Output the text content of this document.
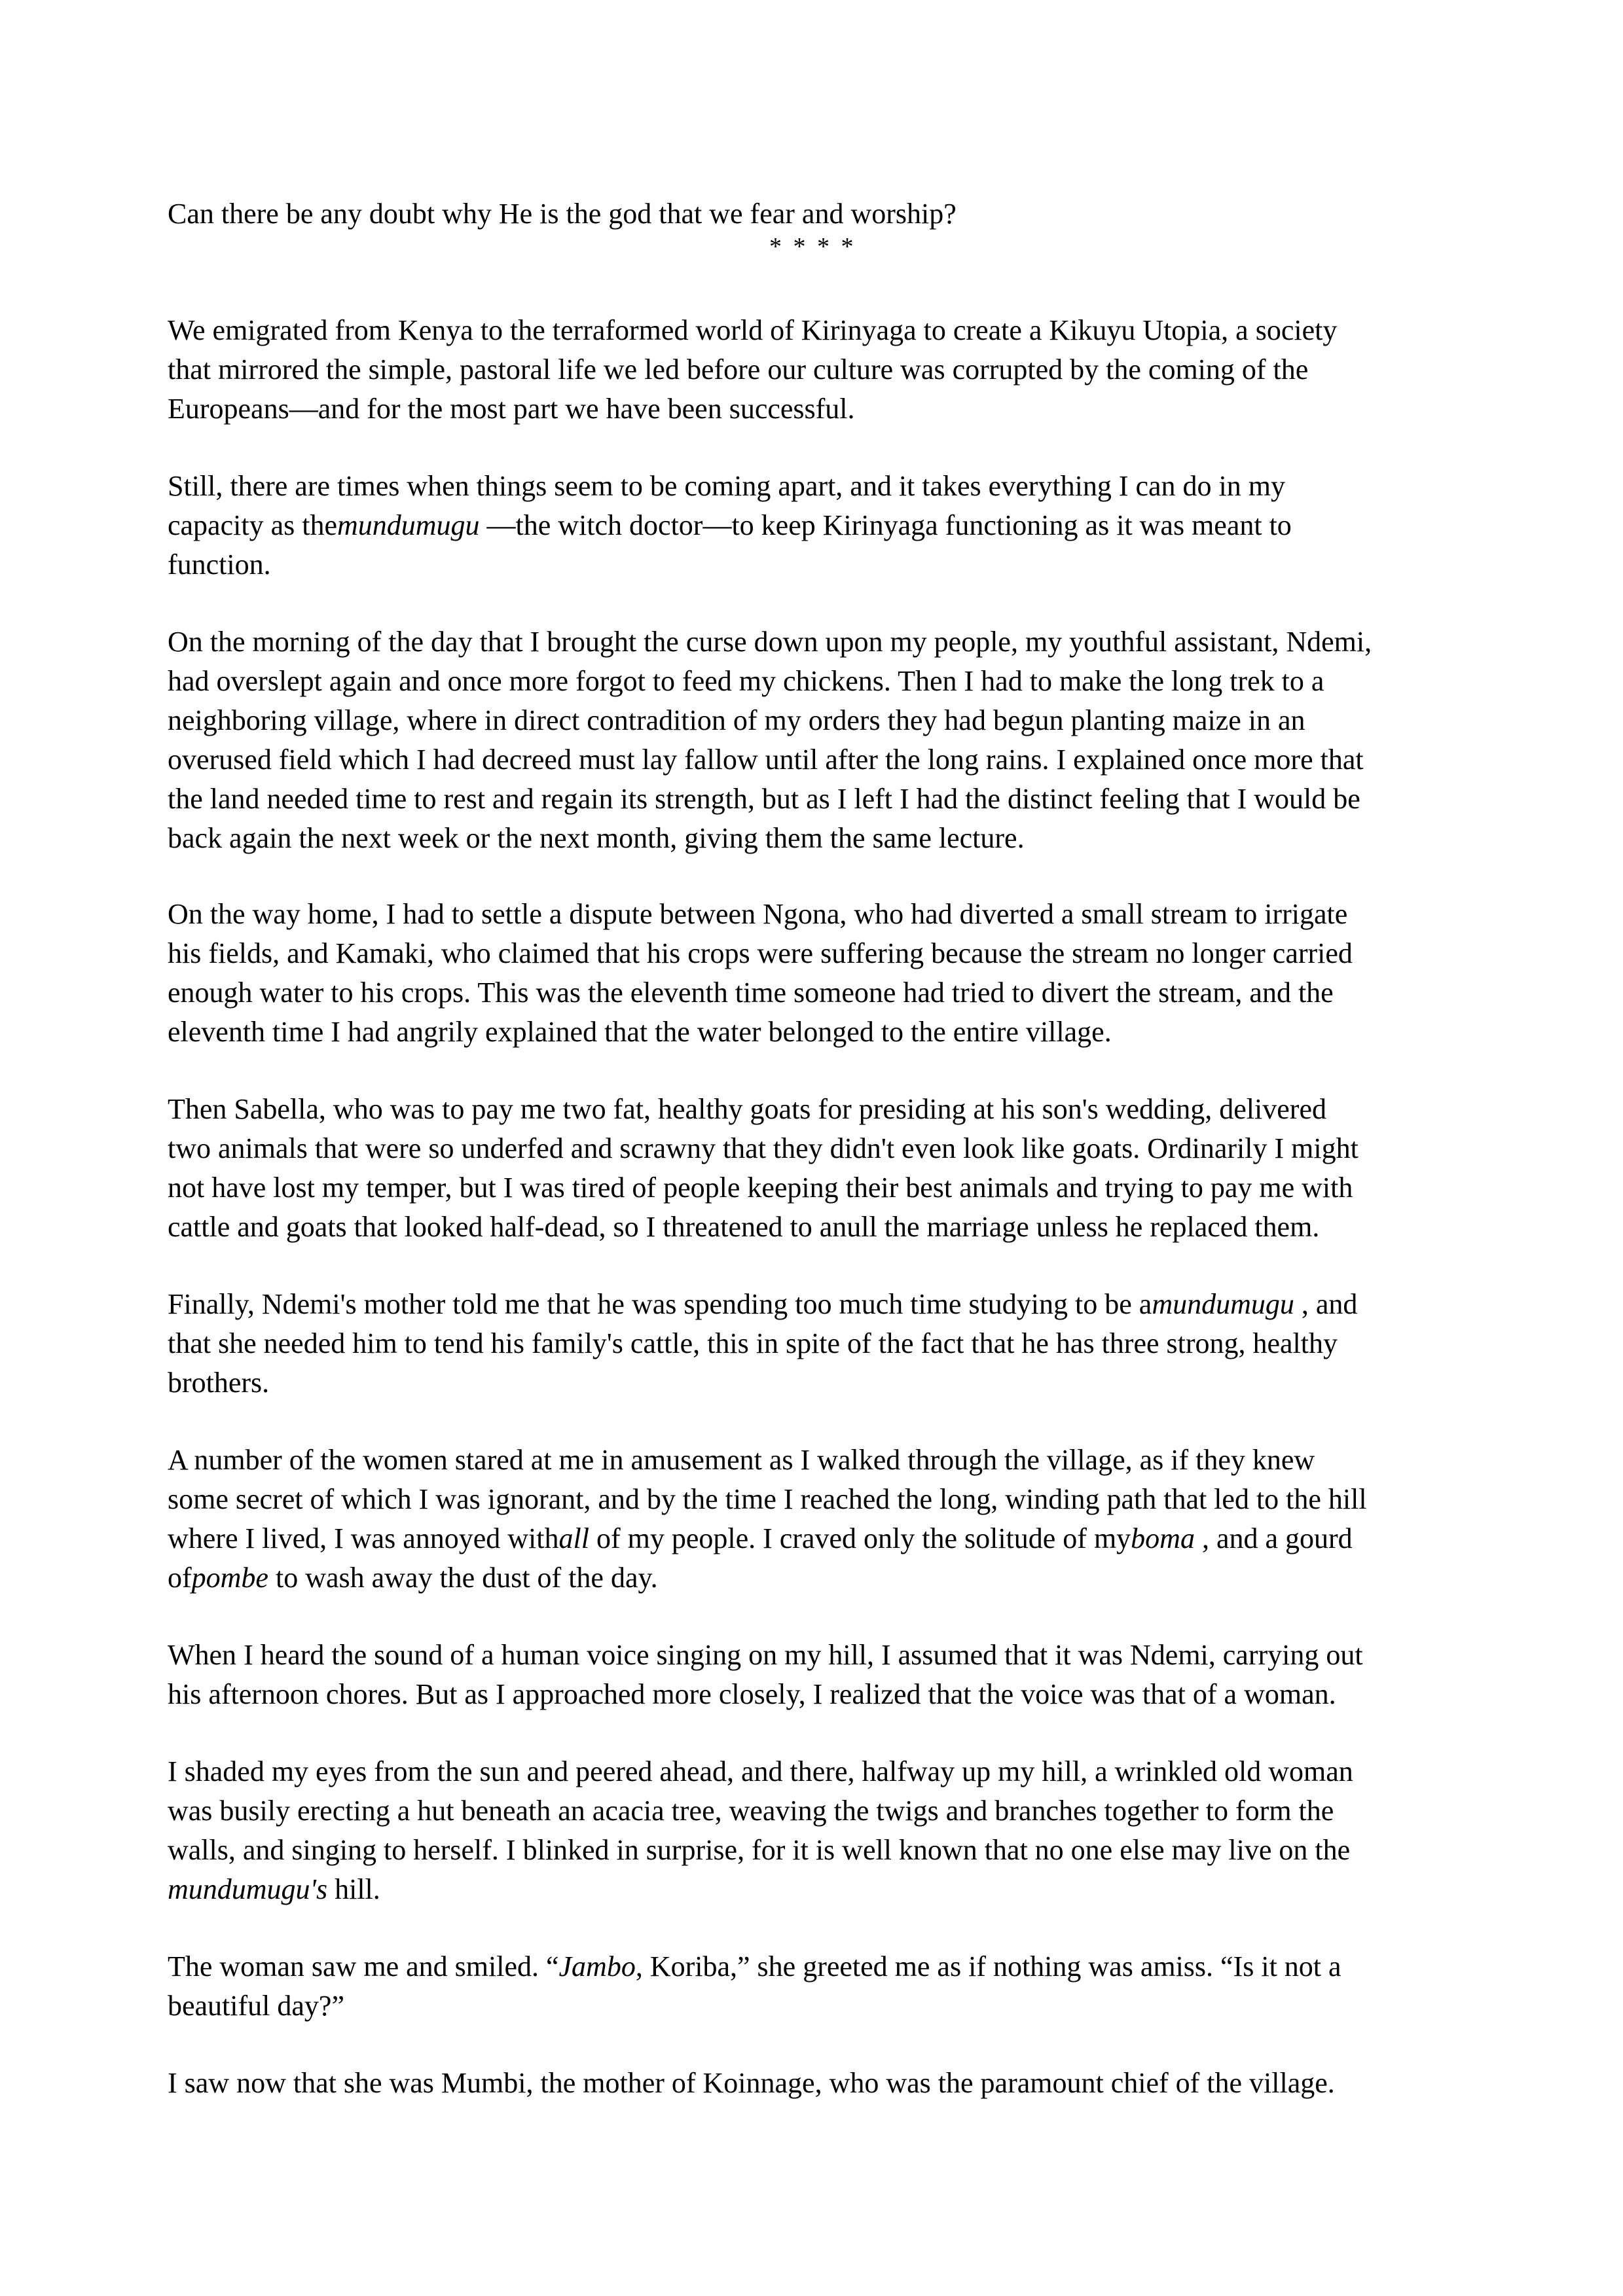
Can there be any doubt why He is the god that we fear and worship?

* * * *

We emigrated from Kenya to the terraformed world of Kirinyaga to create a Kikuyu Utopia, a society
that mirrored the simple, pastoral life we led before our culture was corrupted by the coming of the
Europeans—and for the most part we have been successful.

Still, there are times when things seem to be coming apart, and it takes everything I can do in my
capacity as themundumugu —the witch doctor—to keep Kirinyaga functioning as it was meant to
function.

On the morning of the day that I brought the curse down upon my people, my youthful assistant, Ndemi,
had overslept again and once more forgot to feed my chickens. Then I had to make the long trek to a
neighboring village, where in direct contradition of my orders they had begun planting maize in an
overused field which I had decreed must lay fallow until after the long rains. I explained once more that
the land needed time to rest and regain its strength, but as I left I had the distinct feeling that I would be
back again the next week or the next month, giving them the same lecture.

On the way home, I had to settle a dispute between Ngona, who had diverted a small stream to irrigate
his fields, and Kamaki, who claimed that his crops were suffering because the stream no longer carried
enough water to his crops. This was the eleventh time someone had tried to divert the stream, and the
eleventh time I had angrily explained that the water belonged to the entire village.

Then Sabella, who was to pay me two fat, healthy goats for presiding at his son's wedding, delivered
two animals that were so underfed and scrawny that they didn't even look like goats. Ordinarily I might
not have lost my temper, but I was tired of people keeping their best animals and trying to pay me with
cattle and goats that looked half-dead, so I threatened to anull the marriage unless he replaced them.

Finally, Ndemi's mother told me that he was spending too much time studying to be amundumugu , and
that she needed him to tend his family's cattle, this in spite of the fact that he has three strong, healthy
brothers.

A number of the women stared at me in amusement as I walked through the village, as if they knew
some secret of which I was ignorant, and by the time I reached the long, winding path that led to the hill
where I lived, I was annoyed withall of my people. I craved only the solitude of myboma , and a gourd
ofpombe to wash away the dust of the day.

When I heard the sound of a human voice singing on my hill, I assumed that it was Ndemi, carrying out
his afternoon chores. But as I approached more closely, I realized that the voice was that of a woman.

I shaded my eyes from the sun and peered ahead, and there, halfway up my hill, a wrinkled old woman
was busily erecting a hut beneath an acacia tree, weaving the twigs and branches together to form the
walls, and singing to herself. I blinked in surprise, for it is well known that no one else may live on the
mundumugu's hill.

The woman saw me and smiled. “Jambo, Koriba,” she greeted me as if nothing was amiss. “Is it not a
beautiful day?”

I saw now that she was Mumbi, the mother of Koinnage, who was the paramount chief of the village.
